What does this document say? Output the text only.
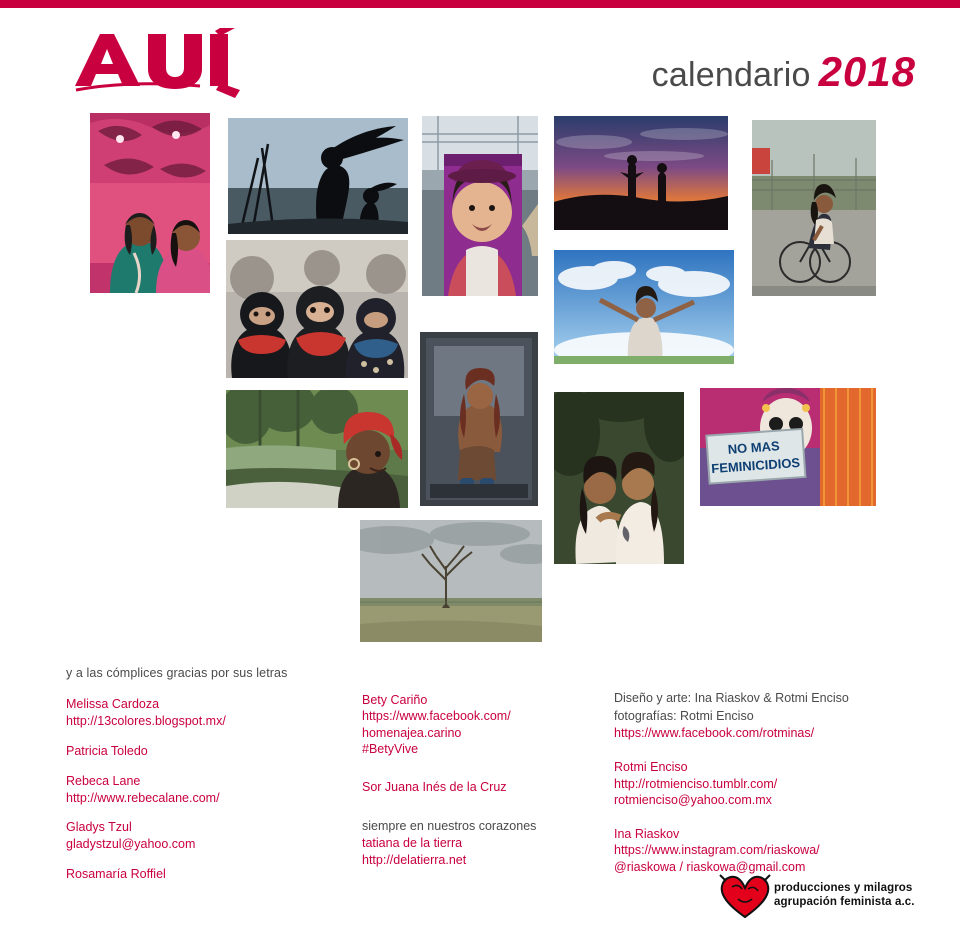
calendario 2018
NO MAS
FEMINICIDIOS

y a las cómplices gracias por sus letras

Melissa Cardoza

http://13colores.blogspot.mx/

Patricia Toledo

Rebeca Lane

http://www.rebecalane.com/

Gladys Tzul

gladystzul@yahoo.com

Rosamaría Roffiel

Bety Cariño

https://www.facebook.com/
homenajea.carino
#BetyVive

Sor Juana Inés de la Cruz

siempre en nuestros corazones

tatiana de la tierra

http://delatierra.net

Diseño y arte: Ina Riaskov & Rotmi Enciso
fotografías: Rotmi Enciso

https://www.facebook.com/rotminas/

Rotmi Enciso

http://rotmienciso.tumblr.com/
rotmienciso@yahoo.com.mx

Ina Riaskov

https://www.instagram.com/riaskowa/
@riaskowa / riaskowa@gmail.com

producciones y milagros
agrupación feminista a.c.
